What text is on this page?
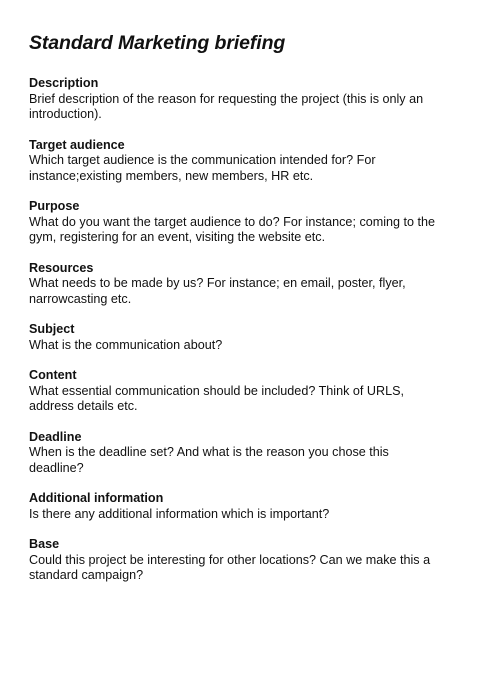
Standard Marketing briefing
Description
Brief description of the reason for requesting the project (this is only an
introduction).
Target audience
Which target audience is the communication intended for? For
instance;existing members, new members, HR etc.
Purpose
What do you want the target audience to do? For instance; coming to the
gym, registering for an event, visiting the website etc.
Resources
What needs to be made by us? For instance; en email, poster, flyer,
narrowcasting etc.
Subject
What is the communication about?
Content
What essential communication should be included? Think of URLS,
address details etc.
Deadline
When is the deadline set? And what is the reason you chose this
deadline?
Additional information
Is there any additional information which is important?
Base
Could this project be interesting for other locations? Can we make this a
standard campaign?
